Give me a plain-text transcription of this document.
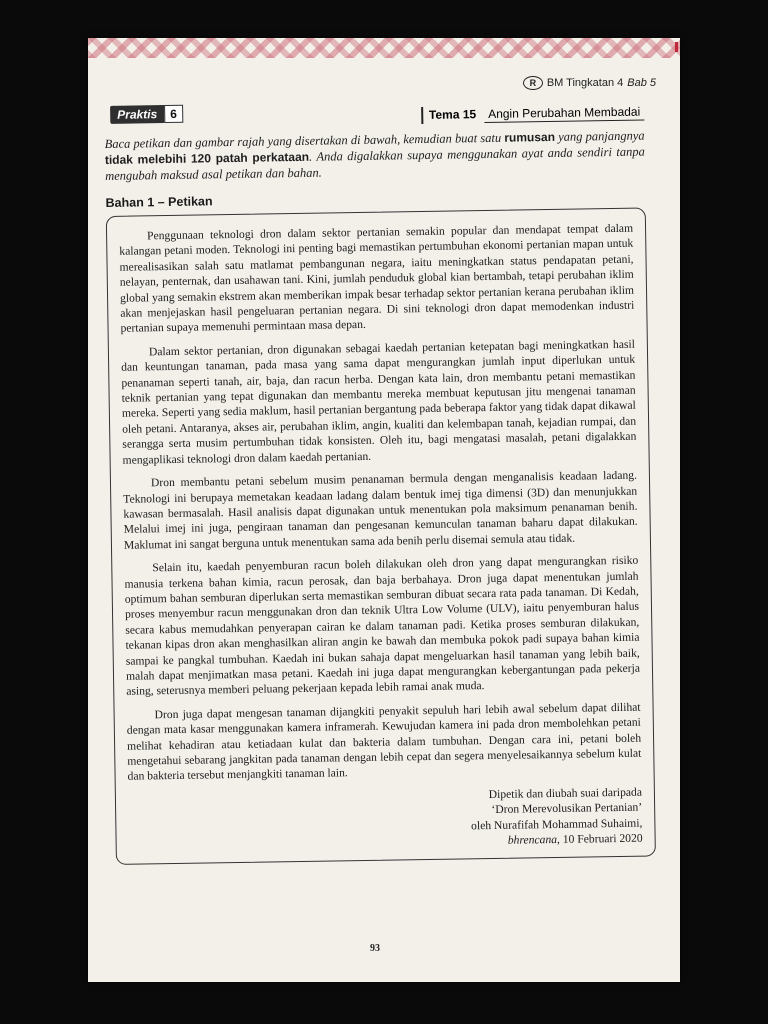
R BM Tingkatan 4 Bab 5
Praktis	6	Tema 15 Angin Perubahan Membadai

Baca petikan dan gambar rajah yang disertakan di bawah, kemudian buat satu rumusan yang panjangnya tidak melebihi 120 patah perkataan. Anda digalakkan supaya menggunakan ayat anda sendiri tanpa mengubah maksud asal petikan dan bahan.

Bahan 1 – Petikan

Penggunaan teknologi dron dalam sektor pertanian semakin popular dan mendapat tempat dalam kalangan petani moden. Teknologi ini penting bagi memastikan pertumbuhan ekonomi pertanian mapan untuk merealisasikan salah satu matlamat pembangunan negara, iaitu meningkatkan status pendapatan petani, nelayan, penternak, dan usahawan tani. Kini, jumlah penduduk global kian bertambah, tetapi perubahan iklim global yang semakin ekstrem akan memberikan impak besar terhadap sektor pertanian kerana perubahan iklim akan menjejaskan hasil pengeluaran pertanian negara. Di sini teknologi dron dapat memodenkan industri pertanian supaya memenuhi permintaan masa depan.

Dalam sektor pertanian, dron digunakan sebagai kaedah pertanian ketepatan bagi meningkatkan hasil dan keuntungan tanaman, pada masa yang sama dapat mengurangkan jumlah input diperlukan untuk penanaman seperti tanah, air, baja, dan racun herba. Dengan kata lain, dron membantu petani memastikan teknik pertanian yang tepat digunakan dan membantu mereka membuat keputusan jitu mengenai tanaman mereka. Seperti yang sedia maklum, hasil pertanian bergantung pada beberapa faktor yang tidak dapat dikawal oleh petani. Antaranya, akses air, perubahan iklim, angin, kualiti dan kelembapan tanah, kejadian rumpai, dan serangga serta musim pertumbuhan tidak konsisten. Oleh itu, bagi mengatasi masalah, petani digalakkan mengaplikasi teknologi dron dalam kaedah pertanian.

Dron membantu petani sebelum musim penanaman bermula dengan menganalisis keadaan ladang. Teknologi ini berupaya memetakan keadaan ladang dalam bentuk imej tiga dimensi (3D) dan menunjukkan kawasan bermasalah. Hasil analisis dapat digunakan untuk menentukan pola maksimum penanaman benih. Melalui imej ini juga, pengiraan tanaman dan pengesanan kemunculan tanaman baharu dapat dilakukan. Maklumat ini sangat berguna untuk menentukan sama ada benih perlu disemai semula atau tidak.

Selain itu, kaedah penyemburan racun boleh dilakukan oleh dron yang dapat mengurangkan risiko manusia terkena bahan kimia, racun perosak, dan baja berbahaya. Dron juga dapat menentukan jumlah optimum bahan semburan diperlukan serta memastikan semburan dibuat secara rata pada tanaman. Di Kedah, proses menyembur racun menggunakan dron dan teknik Ultra Low Volume (ULV), iaitu penyemburan halus secara kabus memudahkan penyerapan cairan ke dalam tanaman padi. Ketika proses semburan dilakukan, tekanan kipas dron akan menghasilkan aliran angin ke bawah dan membuka pokok padi supaya bahan kimia sampai ke pangkal tumbuhan. Kaedah ini bukan sahaja dapat mengeluarkan hasil tanaman yang lebih baik, malah dapat menjimatkan masa petani. Kaedah ini juga dapat mengurangkan kebergantungan pada pekerja asing, seterusnya memberi peluang pekerjaan kepada lebih ramai anak muda.

Dron juga dapat mengesan tanaman dijangkiti penyakit sepuluh hari lebih awal sebelum dapat dilihat dengan mata kasar menggunakan kamera inframerah. Kewujudan kamera ini pada dron membolehkan petani melihat kehadiran atau ketiadaan kulat dan bakteria dalam tumbuhan. Dengan cara ini, petani boleh mengetahui sebarang jangkitan pada tanaman dengan lebih cepat dan segera menyelesaikannya sebelum kulat dan bakteria tersebut menjangkiti tanaman lain.

Dipetik dan diubah suai daripada
‘Dron Merevolusikan Pertanian’
oleh Nurafifah Mohammad Suhaimi,
bhrencana, 10 Februari 2020
93
